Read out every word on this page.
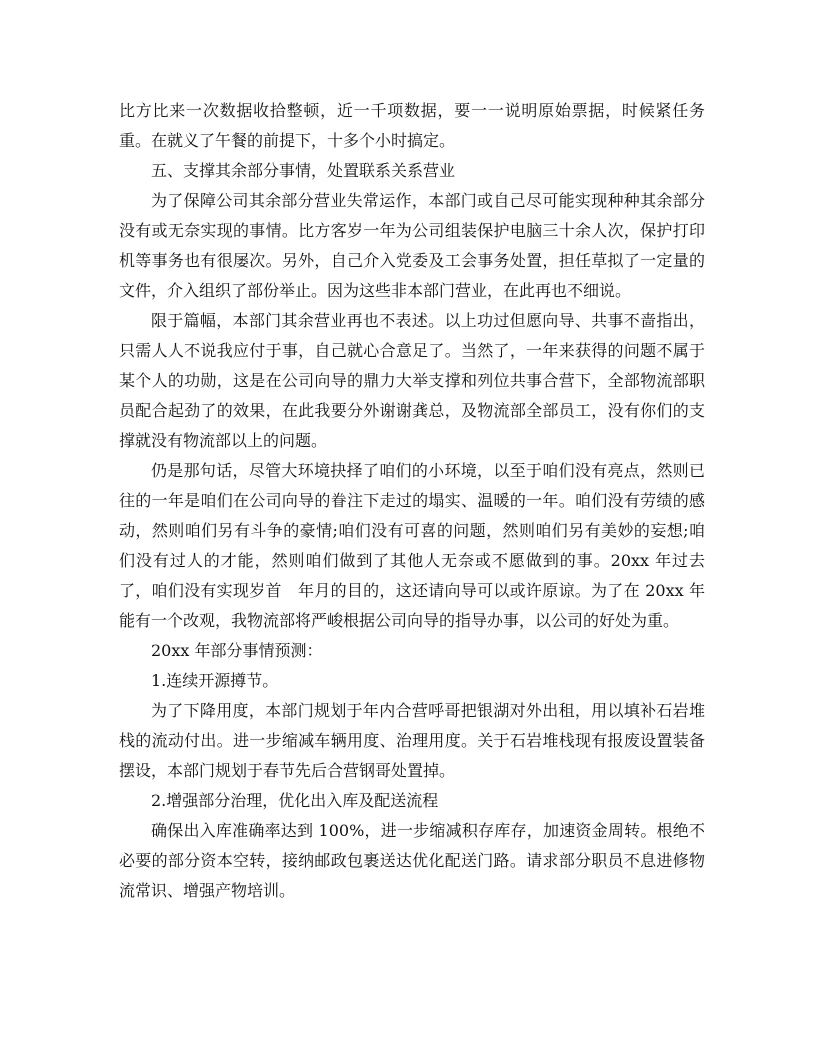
比方比来一次数据收拾整顿，近一千项数据，要一一说明原始票据，时候紧任务重。在就义了午餐的前提下，十多个小时搞定。

五、支撑其余部分事情，处置联系关系营业

为了保障公司其余部分营业失常运作，本部门或自己尽可能实现种种其余部分没有或无奈实现的事情。比方客岁一年为公司组装保护电脑三十余人次，保护打印机等事务也有很屡次。另外，自己介入党委及工会事务处置，担任草拟了一定量的文件，介入组织了部份举止。因为这些非本部门营业，在此再也不细说。

限于篇幅，本部门其余营业再也不表述。以上功过但愿向导、共事不啬指出，只需人人不说我应付于事，自己就心合意足了。当然了，一年来获得的问题不属于某个人的功勋，这是在公司向导的鼎力大举支撑和列位共事合营下，全部物流部职员配合起劲了的效果，在此我要分外谢谢龚总，及物流部全部员工，没有你们的支撑就没有物流部以上的问题。

仍是那句话，尽管大环境抉择了咱们的小环境，以至于咱们没有亮点，然则已往的一年是咱们在公司向导的眷注下走过的塌实、温暖的一年。咱们没有劳绩的感动，然则咱们另有斗争的豪情;咱们没有可喜的问题，然则咱们另有美妙的妄想;咱们没有过人的才能，然则咱们做到了其他人无奈或不愿做到的事。20xx 年过去了，咱们没有实现岁首　年月的目的，这还请向导可以或许原谅。为了在 20xx 年能有一个改观，我物流部将严峻根据公司向导的指导办事，以公司的好处为重。

20xx 年部分事情预测：

1.连续开源撙节。

为了下降用度，本部门规划于年内合营呼哥把银湖对外出租，用以填补石岩堆栈的流动付出。进一步缩减车辆用度、治理用度。关于石岩堆栈现有报废设置装备摆设，本部门规划于春节先后合营钢哥处置掉。

2.增强部分治理，优化出入库及配送流程

确保出入库准确率达到 100%，进一步缩减积存库存，加速资金周转。根绝不必要的部分资本空转，接纳邮政包裹送达优化配送门路。请求部分职员不息进修物流常识、增强产物培训。
